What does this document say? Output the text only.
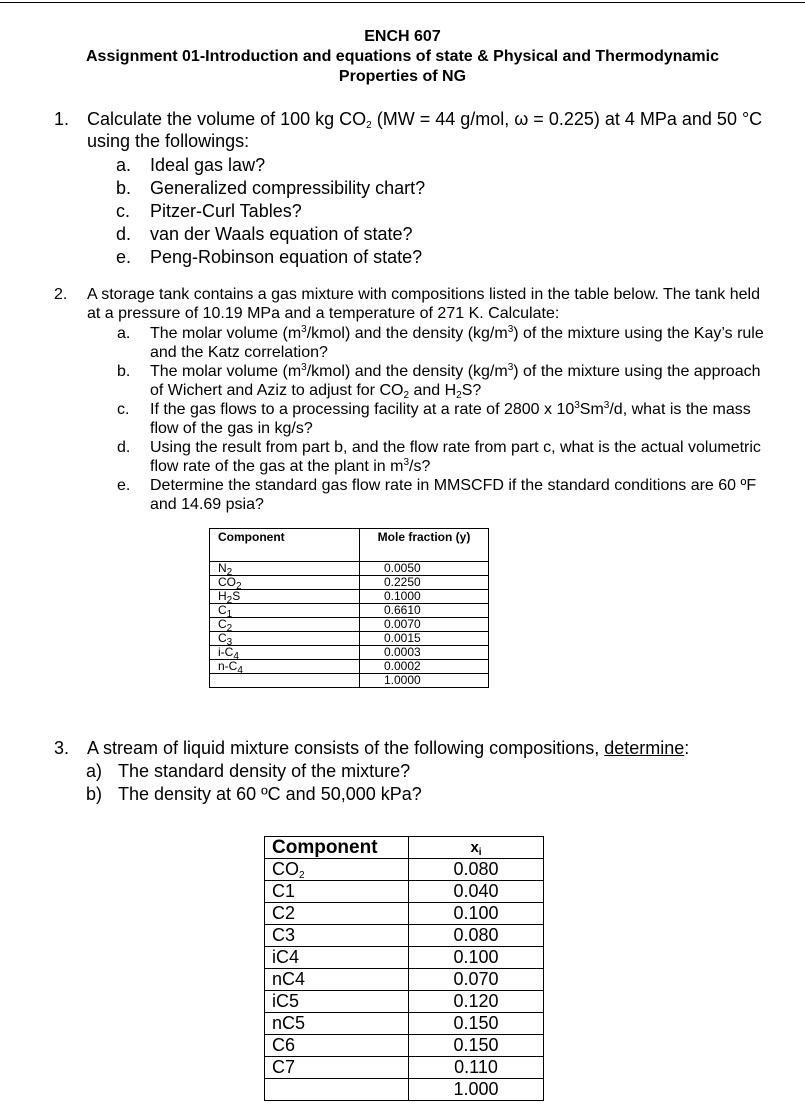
ENCH 607
Assignment 01-Introduction and equations of state & Physical and Thermodynamic
Properties of NG
1. Calculate the volume of 100 kg $CO_2$ (MW = 44 g/mol, ω = 0.225) at 4 MPa and 50 °C using the followings:
a. Ideal gas law?
b. Generalized compressibility chart?
c. Pitzer-Curl Tables?
d. van der Waals equation of state?
e. Peng-Robinson equation of state?
2. A storage tank contains a gas mixture with compositions listed in the table below. The tank held at a pressure of 10.19 MPa and a temperature of 271 K. Calculate:
a. The molar volume $(m^3/kmol)$ and the density $(kg/m^3)$ of the mixture using the Kay’s rule and the Katz correlation?
b. The molar volume $(m^3/kmol)$ and the density $(kg/m^3)$ of the mixture using the approach of Wichert and Aziz to adjust for $CO_2$ and $H_2S$?
c. If the gas flows to a processing facility at a rate of 2800 x $10^3Sm^3/d$, what is the mass flow of the gas in kg/s?
d. Using the result from part b, and the flow rate from part c, what is the actual volumetric flow rate of the gas at the plant in $m^3/s$?
e. Determine the standard gas flow rate in MMSCFD if the standard conditions are 60 ºF and 14.69 psia?
Component	Mole fraction (y)
$N_2$	0.0050
$CO_2$	0.2250
$H_2S$	0.1000
$C_1$	0.6610
$C_2$	0.0070
$C_3$	0.0015
$i-C_4$	0.0003
$n-C_4$	0.0002
	1.0000
3. A stream of liquid mixture consists of the following compositions, determine:
a) The standard density of the mixture?
b) The density at 60 ºC and 50,000 kPa?
Component	$x_i$
$CO_2$	0.080
C1	0.040
C2	0.100
C3	0.080
iC4	0.100
nC4	0.070
iC5	0.120
nC5	0.150
C6	0.150
C7	0.110
	1.000
